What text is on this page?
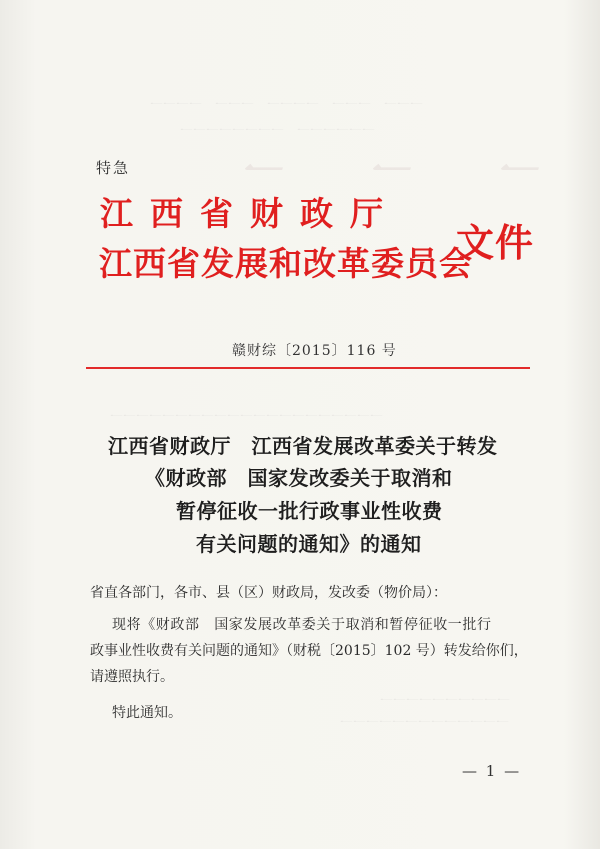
一一一　一一一　一一一一　一一一　一一一一
一一一一一一　一一一一一一一一
一　一　一
一一一一一一一一一一一一一一一一一一一一一
一一一一一一一一一一
一一一一一一一一一一一一一
特急
江西省财政厅
江西省发展和改革委员会
文件
赣财综〔2015〕116 号
江西省财政厅　江西省发展改革委关于转发
《财政部　国家发改委关于取消和
暂停征收一批行政事业性收费
有关问题的通知》的通知
省直各部门，各市、县（区）财政局，发改委（物价局）：
现将《财政部　国家发展改革委关于取消和暂停征收一批行
政事业性收费有关问题的通知》（财税〔2015〕102 号）转发给你们，
请遵照执行。
特此通知。
— 1 —
